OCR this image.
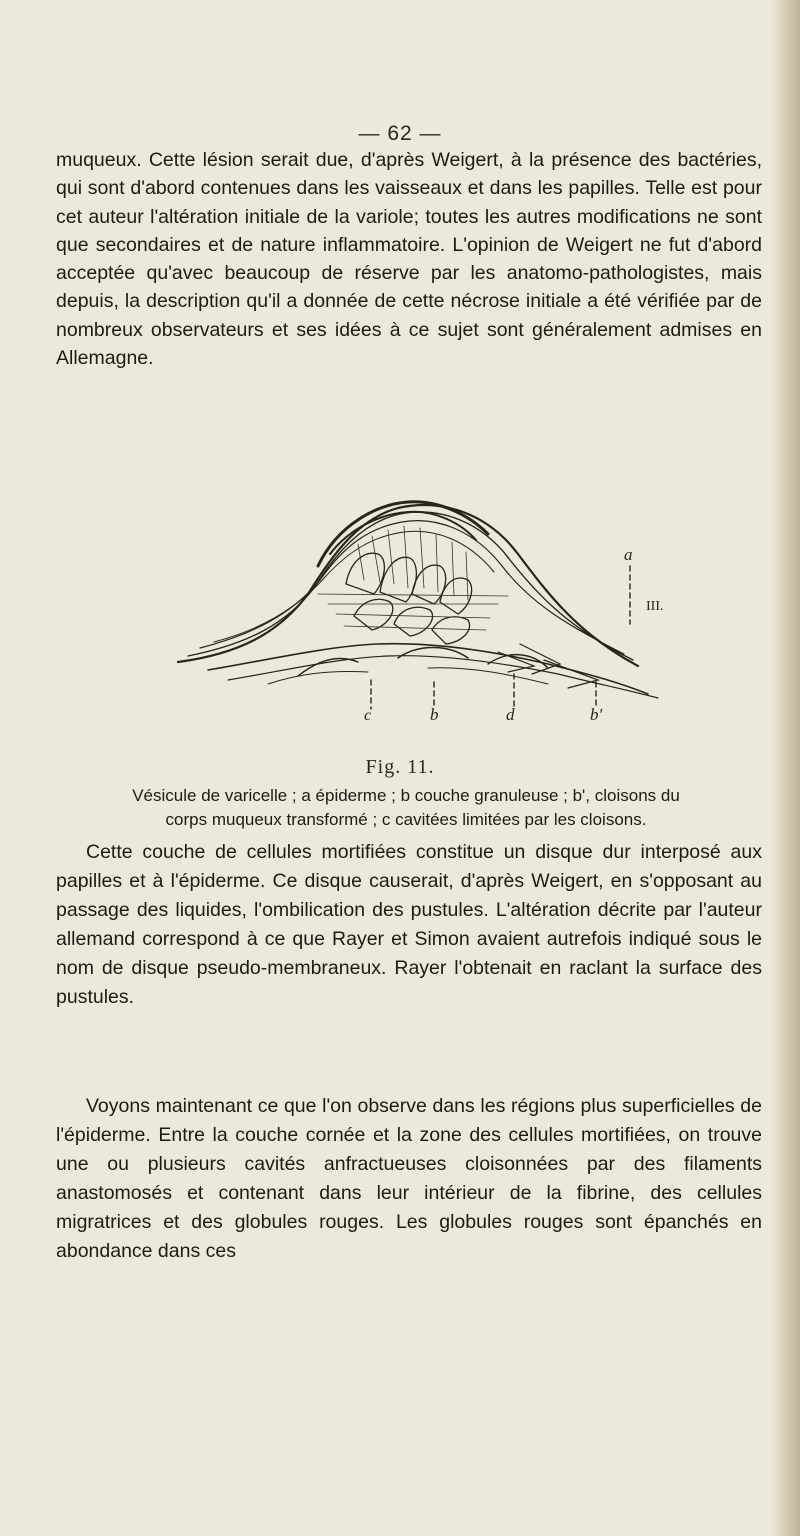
— 62 —

muqueux. Cette lésion serait due, d'après Weigert, à la présence des bactéries, qui sont d'abord contenues dans les vaisseaux et dans les papilles. Telle est pour cet auteur l'altération initiale de la variole; toutes les autres modifications ne sont que secondaires et de nature inflammatoire. L'opinion de Weigert ne fut d'abord acceptée qu'avec beaucoup de réserve par les anatomo-pathologistes, mais depuis, la description qu'il a donnée de cette nécrose initiale a été vérifiée par de nombreux observateurs et ses idées à ce sujet sont généralement admises en Allemagne.

a
III.
c	b	d	b'
Fig. 11.

Vésicule de varicelle ; a épiderme ; b couche granuleuse ; b', cloisons du
corps muqueux transformé ; c cavitées limitées par les cloisons.

Cette couche de cellules mortifiées constitue un disque dur interposé aux papilles et à l'épiderme. Ce disque causerait, d'après Weigert, en s'opposant au passage des liquides, l'ombilication des pustules. L'altération décrite par l'auteur allemand correspond à ce que Rayer et Simon avaient autrefois indiqué sous le nom de disque pseudo-membraneux. Rayer l'obtenait en raclant la surface des pustules.

Voyons maintenant ce que l'on observe dans les régions plus superficielles de l'épiderme. Entre la couche cornée et la zone des cellules mortifiées, on trouve une ou plusieurs cavités anfractueuses cloisonnées par des filaments anastomosés et contenant dans leur intérieur de la fibrine, des cellules migratrices et des globules rouges. Les globules rouges sont épanchés en abondance dans ces
